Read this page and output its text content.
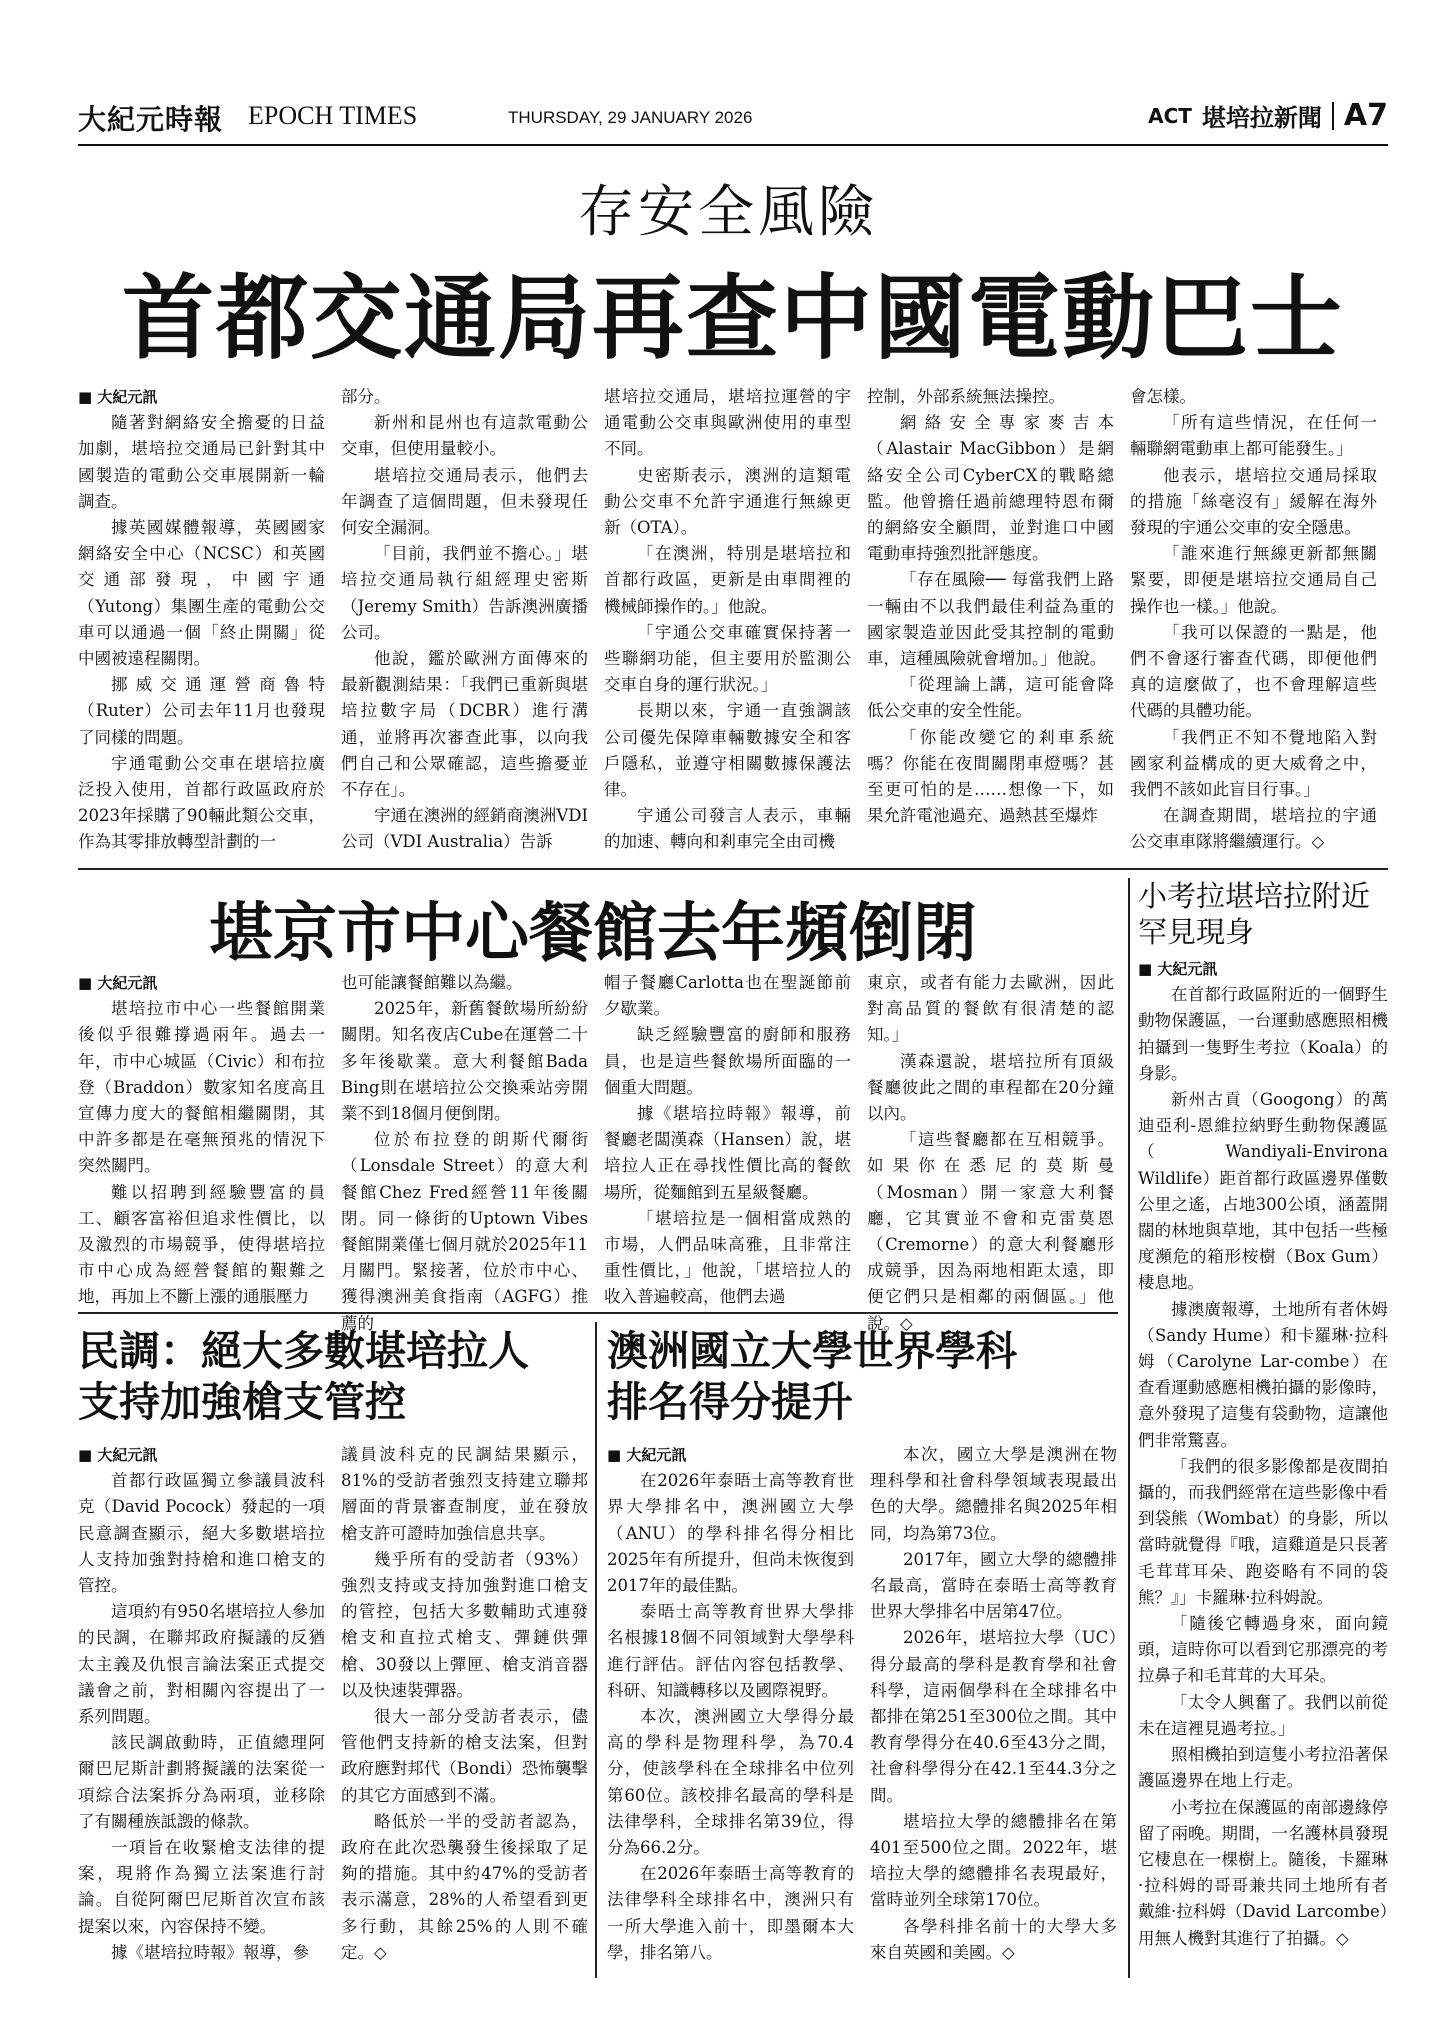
大紀元時報 EPOCH TIMES	THURSDAY, 29 JANUARY 2026	ACT 堪培拉新聞 A7
存安全風險
首都交通局再查中國電動巴士

■ 大紀元訊

隨著對網絡安全擔憂的日益加劇，堪培拉交通局已針對其中國製造的電動公交車展開新一輪調查。

據英國媒體報導，英國國家網絡安全中心（NCSC）和英國交通部發現，中國宇通（Yutong）集團生產的電動公交車可以通過一個「終止開關」從中國被遠程關閉。

挪威交通運營商魯特（Ruter）公司去年11月也發現了同樣的問題。

宇通電動公交車在堪培拉廣泛投入使用，首都行政區政府於2023年採購了90輛此類公交車，作為其零排放轉型計劃的一

部分。

新州和昆州也有這款電動公交車，但使用量較小。

堪培拉交通局表示，他們去年調查了這個問題，但未發現任何安全漏洞。

「目前，我們並不擔心。」堪培拉交通局執行組經理史密斯（Jeremy Smith）告訴澳洲廣播公司。

他說，鑑於歐洲方面傳來的最新觀測結果：「我們已重新與堪培拉數字局（DCBR）進行溝通，並將再次審查此事，以向我們自己和公眾確認，這些擔憂並不存在」。

宇通在澳洲的經銷商澳洲VDI公司（VDI Australia）告訴

堪培拉交通局，堪培拉運營的宇通電動公交車與歐洲使用的車型不同。

史密斯表示，澳洲的這類電動公交車不允許宇通進行無線更新（OTA）。

「在澳洲，特別是堪培拉和首都行政區，更新是由車間裡的機械師操作的。」他說。

「宇通公交車確實保持著一些聯網功能，但主要用於監測公交車自身的運行狀況。」

長期以來，宇通一直強調該公司優先保障車輛數據安全和客戶隱私，並遵守相關數據保護法律。

宇通公司發言人表示，車輛的加速、轉向和剎車完全由司機

控制，外部系統無法操控。

網絡安全專家麥吉本（Alastair MacGibbon）是網絡安全公司CyberCX的戰略總監。他曾擔任過前總理特恩布爾的網絡安全顧問，並對進口中國電動車持強烈批評態度。

「存在風險── 每當我們上路一輛由不以我們最佳利益為重的國家製造並因此受其控制的電動車，這種風險就會增加。」他說。

「從理論上講，這可能會降低公交車的安全性能。

「你能改變它的剎車系統嗎？你能在夜間關閉車燈嗎？甚至更可怕的是……想像一下，如果允許電池過充、過熱甚至爆炸

會怎樣。

「所有這些情況，在任何一輛聯網電動車上都可能發生。」

他表示，堪培拉交通局採取的措施「絲毫沒有」緩解在海外發現的宇通公交車的安全隱患。

「誰來進行無線更新都無關緊要，即便是堪培拉交通局自己操作也一樣。」他說。

「我可以保證的一點是，他們不會逐行審查代碼，即便他們真的這麼做了，也不會理解這些代碼的具體功能。

「我們正不知不覺地陷入對國家利益構成的更大威脅之中，我們不該如此盲目行事。」

在調查期間，堪培拉的宇通公交車車隊將繼續運行。◇

堪京市中心餐館去年頻倒閉

■ 大紀元訊

堪培拉市中心一些餐館開業後似乎很難撐過兩年。過去一年，市中心城區（Civic）和布拉登（Braddon）數家知名度高且宣傳力度大的餐館相繼關閉，其中許多都是在毫無預兆的情況下突然關門。

難以招聘到經驗豐富的員工、顧客富裕但追求性價比，以及激烈的市場競爭，使得堪培拉市中心成為經營餐館的艱難之地，再加上不斷上漲的通脹壓力

也可能讓餐館難以為繼。

2025年，新舊餐飲場所紛紛關閉。知名夜店Cube在運營二十多年後歇業。意大利餐館Bada Bing則在堪培拉公交換乘站旁開業不到18個月便倒閉。

位於布拉登的朗斯代爾街（Lonsdale Street）的意大利餐館Chez Fred經營11年後關閉。同一條街的Uptown Vibes餐館開業僅七個月就於2025年11月關門。緊接著，位於市中心、獲得澳洲美食指南（AGFG）推薦的

帽子餐廳Carlotta也在聖誕節前夕歇業。

缺乏經驗豐富的廚師和服務員，也是這些餐飲場所面臨的一個重大問題。

據《堪培拉時報》報導，前餐廳老闆漢森（Hansen）說，堪培拉人正在尋找性價比高的餐飲場所，從麵館到五星級餐廳。

「堪培拉是一個相當成熟的市場，人們品味高雅，且非常注重性價比，」他說，「堪培拉人的收入普遍較高，他們去過

東京，或者有能力去歐洲，因此對高品質的餐飲有很清楚的認知。」

漢森還說，堪培拉所有頂級餐廳彼此之間的車程都在20分鐘以內。

「這些餐廳都在互相競爭。如果你在悉尼的莫斯曼（Mosman）開一家意大利餐廳，它其實並不會和克雷莫恩（Cremorne）的意大利餐廳形成競爭，因為兩地相距太遠，即便它們只是相鄰的兩個區。」他說。◇

民調：絕大多數堪培拉人
支持加強槍支管控

■ 大紀元訊

首都行政區獨立參議員波科克（David Pocock）發起的一項民意調查顯示，絕大多數堪培拉人支持加強對持槍和進口槍支的管控。

這項約有950名堪培拉人參加的民調，在聯邦政府擬議的反猶太主義及仇恨言論法案正式提交議會之前，對相關內容提出了一系列問題。

該民調啟動時，正值總理阿爾巴尼斯計劃將擬議的法案從一項綜合法案拆分為兩項，並移除了有關種族詆譭的條款。

一項旨在收緊槍支法律的提案，現將作為獨立法案進行討論。自從阿爾巴尼斯首次宣布該提案以來，內容保持不變。

據《堪培拉時報》報導，參

議員波科克的民調結果顯示，81%的受訪者強烈支持建立聯邦層面的背景審查制度，並在發放槍支許可證時加強信息共享。

幾乎所有的受訪者（93%）強烈支持或支持加強對進口槍支的管控，包括大多數輔助式連發槍支和直拉式槍支、彈鏈供彈槍、30發以上彈匣、槍支消音器以及快速裝彈器。

很大一部分受訪者表示，儘管他們支持新的槍支法案，但對政府應對邦代（Bondi）恐怖襲擊的其它方面感到不滿。

略低於一半的受訪者認為，政府在此次恐襲發生後採取了足夠的措施。其中約47%的受訪者表示滿意，28%的人希望看到更多行動，其餘25%的人則不確定。◇

澳洲國立大學世界學科
排名得分提升

■ 大紀元訊

在2026年泰晤士高等教育世界大學排名中，澳洲國立大學（ANU）的學科排名得分相比2025年有所提升，但尚未恢復到2017年的最佳點。

泰晤士高等教育世界大學排名根據18個不同領域對大學學科進行評估。評估內容包括教學、科研、知識轉移以及國際視野。

本次，澳洲國立大學得分最高的學科是物理科學，為70.4分，使該學科在全球排名中位列第60位。該校排名最高的學科是法律學科，全球排名第39位，得分為66.2分。

在2026年泰晤士高等教育的法律學科全球排名中，澳洲只有一所大學進入前十，即墨爾本大學，排名第八。

本次，國立大學是澳洲在物理科學和社會科學領域表現最出色的大學。總體排名與2025年相同，均為第73位。

2017年，國立大學的總體排名最高，當時在泰晤士高等教育世界大學排名中居第47位。

2026年，堪培拉大學（UC）得分最高的學科是教育學和社會科學，這兩個學科在全球排名中都排在第251至300位之間。其中教育學得分在40.6至43分之間，社會科學得分在42.1至44.3分之間。

堪培拉大學的總體排名在第401至500位之間。2022年，堪培拉大學的總體排名表現最好，當時並列全球第170位。

各學科排名前十的大學大多來自英國和美國。◇

小考拉堪培拉附近
罕見現身

■ 大紀元訊

在首都行政區附近的一個野生動物保護區，一台運動感應照相機拍攝到一隻野生考拉（Koala）的身影。

新州古貢（Googong）的萬迪亞利-恩維拉納野生動物保護區（Wandiyali-Environa Wildlife）距首都行政區邊界僅數公里之遙，占地300公頃，涵蓋開闊的林地與草地，其中包括一些極度瀕危的箱形桉樹（Box Gum）棲息地。

據澳廣報導，土地所有者休姆（Sandy Hume）和卡羅琳·拉科姆（Carolyne Lar-combe）在查看運動感應相機拍攝的影像時，意外發現了這隻有袋動物，這讓他們非常驚喜。

「我們的很多影像都是夜間拍攝的，而我們經常在這些影像中看到袋熊（Wombat）的身影，所以當時就覺得『哦，這雞道是只長著毛茸茸耳朵、跑姿略有不同的袋熊？』」卡羅琳·拉科姆說。

「隨後它轉過身來，面向鏡頭，這時你可以看到它那漂亮的考拉鼻子和毛茸茸的大耳朵。

「太令人興奮了。我們以前從未在這裡見過考拉。」

照相機拍到這隻小考拉沿著保護區邊界在地上行走。

小考拉在保護區的南部邊緣停留了兩晚。期間，一名護林員發現它棲息在一棵樹上。隨後，卡羅琳·拉科姆的哥哥兼共同土地所有者戴維·拉科姆（David Larcombe）用無人機對其進行了拍攝。◇
